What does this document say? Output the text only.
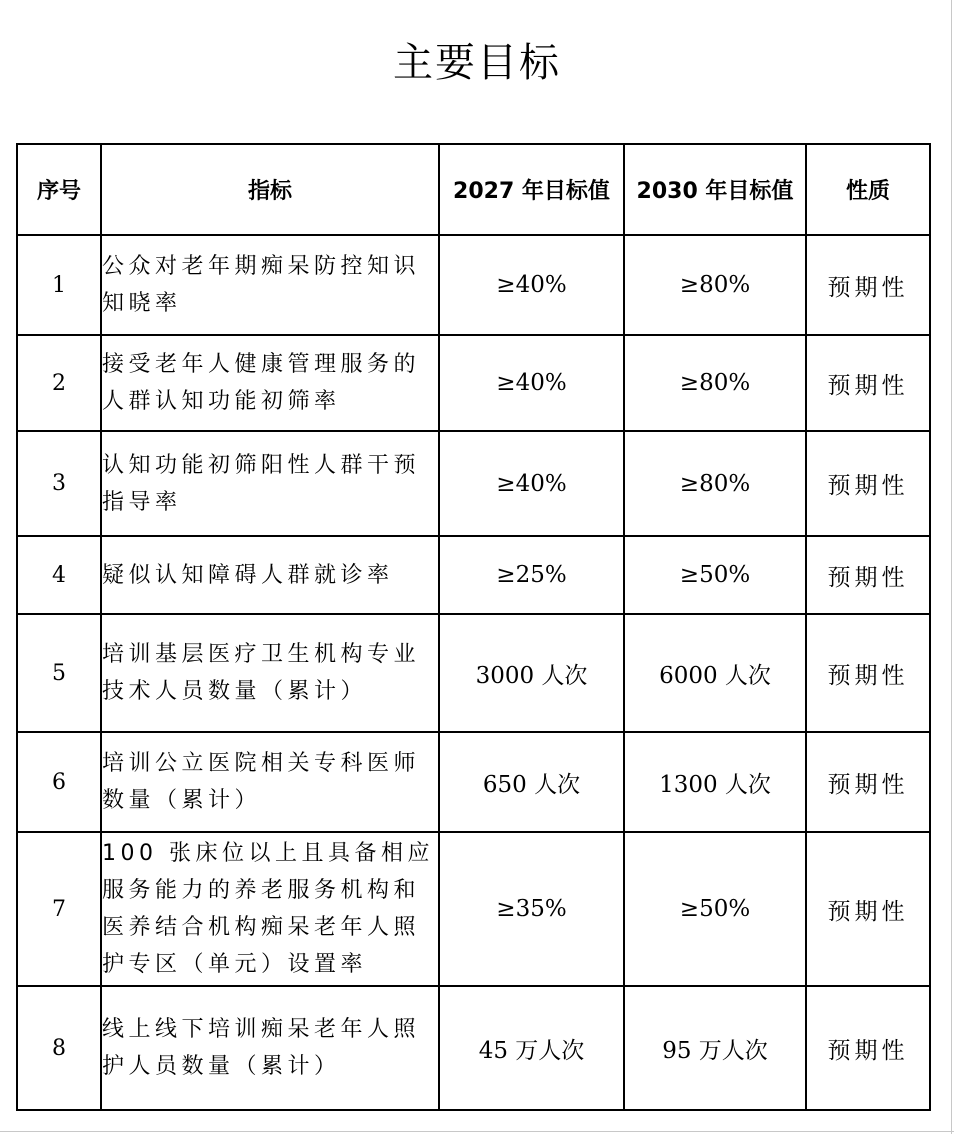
主要目标
序号	指标	2027 年目标值	2030 年目标值	性质
1	公众对老年期痴呆防控知识知晓率	≥40%	≥80%	预期性
2	接受老年人健康管理服务的人群认知功能初筛率	≥40%	≥80%	预期性
3	认知功能初筛阳性人群干预指导率	≥40%	≥80%	预期性
4	疑似认知障碍人群就诊率	≥25%	≥50%	预期性
5	培训基层医疗卫生机构专业技术人员数量（累计）	3000 人次	6000 人次	预期性
6	培训公立医院相关专科医师数量（累计）	650 人次	1300 人次	预期性
7	100 张床位以上且具备相应服务能力的养老服务机构和医养结合机构痴呆老年人照护专区（单元）设置率	≥35%	≥50%	预期性
8	线上线下培训痴呆老年人照护人员数量（累计）	45 万人次	95 万人次	预期性
